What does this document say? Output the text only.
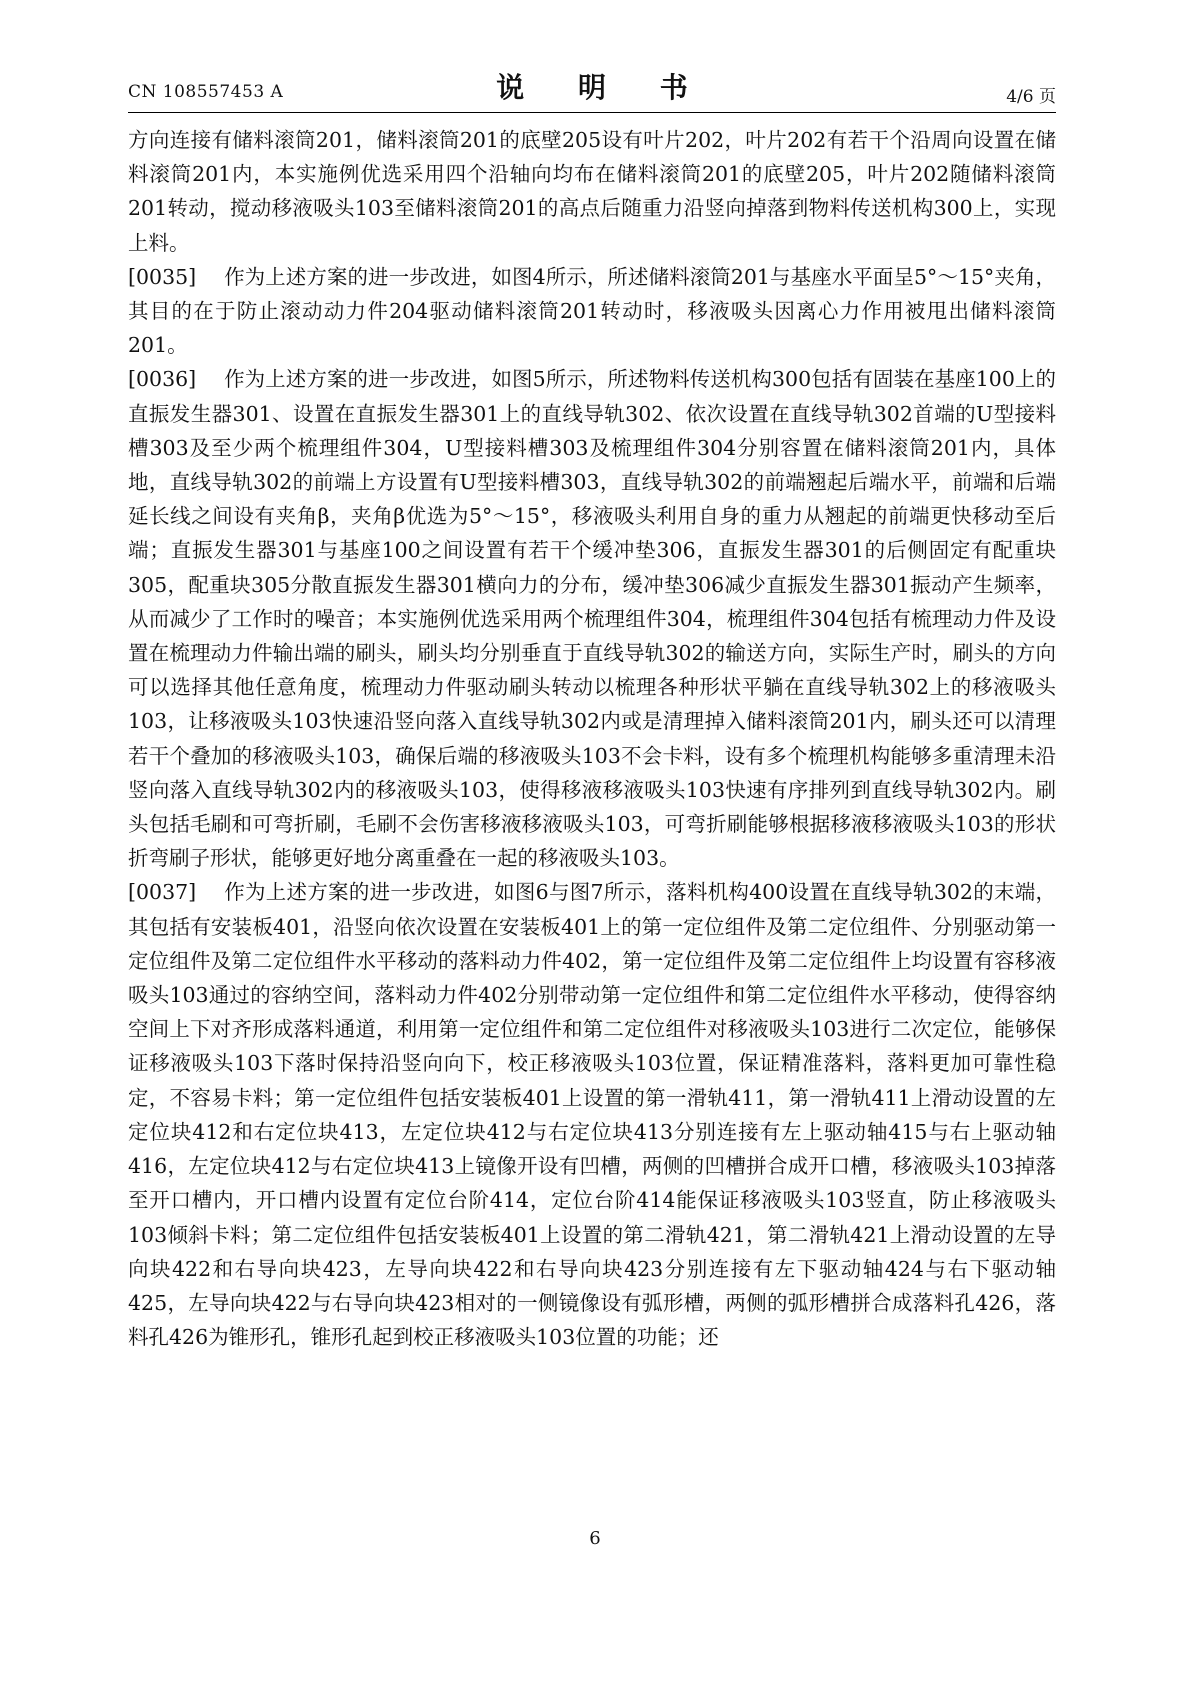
CN 108557453 A	说 明 书	4/6 页

方向连接有储料滚筒201，储料滚筒201的底壁205设有叶片202，叶片202有若干个沿周向设置在储料滚筒201内，本实施例优选采用四个沿轴向均布在储料滚筒201的底壁205，叶片202随储料滚筒201转动，搅动移液吸头103至储料滚筒201的高点后随重力沿竖向掉落到物料传送机构300上，实现上料。

[0035] 作为上述方案的进一步改进，如图4所示，所述储料滚筒201与基座水平面呈5°～15°夹角，其目的在于防止滚动动力件204驱动储料滚筒201转动时，移液吸头因离心力作用被甩出储料滚筒201。

[0036] 作为上述方案的进一步改进，如图5所示，所述物料传送机构300包括有固装在基座100上的直振发生器301、设置在直振发生器301上的直线导轨302、依次设置在直线导轨302首端的U型接料槽303及至少两个梳理组件304，U型接料槽303及梳理组件304分别容置在储料滚筒201内，具体地，直线导轨302的前端上方设置有U型接料槽303，直线导轨302的前端翘起后端水平，前端和后端延长线之间设有夹角β，夹角β优选为5°～15°，移液吸头利用自身的重力从翘起的前端更快移动至后端；直振发生器301与基座100之间设置有若干个缓冲垫306，直振发生器301的后侧固定有配重块305，配重块305分散直振发生器301横向力的分布，缓冲垫306减少直振发生器301振动产生频率，从而减少了工作时的噪音；本实施例优选采用两个梳理组件304，梳理组件304包括有梳理动力件及设置在梳理动力件输出端的刷头，刷头均分别垂直于直线导轨302的输送方向，实际生产时，刷头的方向可以选择其他任意角度，梳理动力件驱动刷头转动以梳理各种形状平躺在直线导轨302上的移液吸头103，让移液吸头103快速沿竖向落入直线导轨302内或是清理掉入储料滚筒201内，刷头还可以清理若干个叠加的移液吸头103，确保后端的移液吸头103不会卡料，设有多个梳理机构能够多重清理未沿竖向落入直线导轨302内的移液吸头103，使得移液移液吸头103快速有序排列到直线导轨302内。刷头包括毛刷和可弯折刷，毛刷不会伤害移液移液吸头103，可弯折刷能够根据移液移液吸头103的形状折弯刷子形状，能够更好地分离重叠在一起的移液吸头103。

[0037] 作为上述方案的进一步改进，如图6与图7所示，落料机构400设置在直线导轨302的末端，其包括有安装板401，沿竖向依次设置在安装板401上的第一定位组件及第二定位组件、分别驱动第一定位组件及第二定位组件水平移动的落料动力件402，第一定位组件及第二定位组件上均设置有容移液吸头103通过的容纳空间，落料动力件402分别带动第一定位组件和第二定位组件水平移动，使得容纳空间上下对齐形成落料通道，利用第一定位组件和第二定位组件对移液吸头103进行二次定位，能够保证移液吸头103下落时保持沿竖向向下，校正移液吸头103位置，保证精准落料，落料更加可靠性稳定，不容易卡料；第一定位组件包括安装板401上设置的第一滑轨411，第一滑轨411上滑动设置的左定位块412和右定位块413，左定位块412与右定位块413分别连接有左上驱动轴415与右上驱动轴416，左定位块412与右定位块413上镜像开设有凹槽，两侧的凹槽拼合成开口槽，移液吸头103掉落至开口槽内，开口槽内设置有定位台阶414，定位台阶414能保证移液吸头103竖直，防止移液吸头103倾斜卡料；第二定位组件包括安装板401上设置的第二滑轨421，第二滑轨421上滑动设置的左导向块422和右导向块423，左导向块422和右导向块423分别连接有左下驱动轴424与右下驱动轴425，左导向块422与右导向块423相对的一侧镜像设有弧形槽，两侧的弧形槽拼合成落料孔426，落料孔426为锥形孔，锥形孔起到校正移液吸头103位置的功能；还

6
